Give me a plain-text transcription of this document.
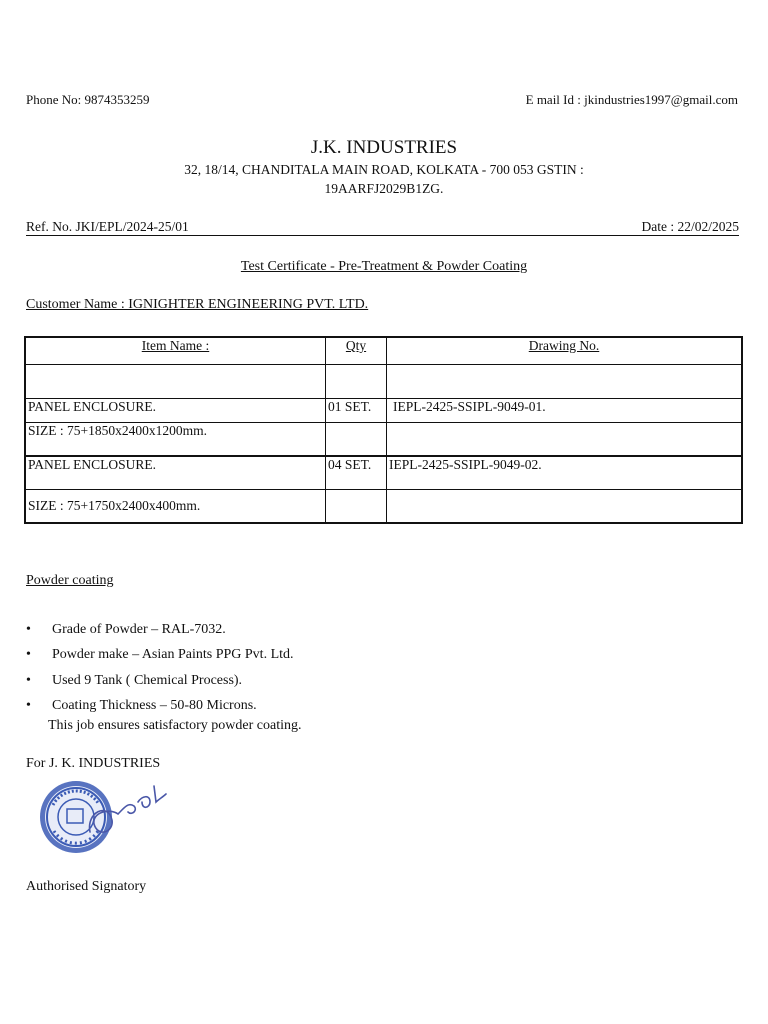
Phone No: 9874353259	E mail Id : jkindustries1997@gmail.com
J.K. INDUSTRIES
32, 18/14, CHANDITALA MAIN ROAD, KOLKATA - 700 053 GSTIN :
19AARFJ2029B1ZG.
Ref. No. JKI/EPL/2024-25/01	Date : 22/02/2025
Test Certificate - Pre-Treatment & Powder Coating
Customer Name : IGNIGHTER ENGINEERING PVT. LTD.
Item Name :	Qty	Drawing No.

PANEL ENCLOSURE.	01 SET.	IEPL-2425-SSIPL-9049-01.
SIZE : 75+1850x2400x1200mm.		
PANEL ENCLOSURE.	04 SET.	IEPL-2425-SSIPL-9049-02.
SIZE : 75+1750x2400x400mm.		
Powder coating
• Grade of Powder – RAL-7032.
• Powder make – Asian Paints PPG Pvt. Ltd.
• Used 9 Tank ( Chemical Process).
• Coating Thickness – 50-80 Microns.
This job ensures satisfactory powder coating.
For J. K. INDUSTRIES
Authorised Signatory
